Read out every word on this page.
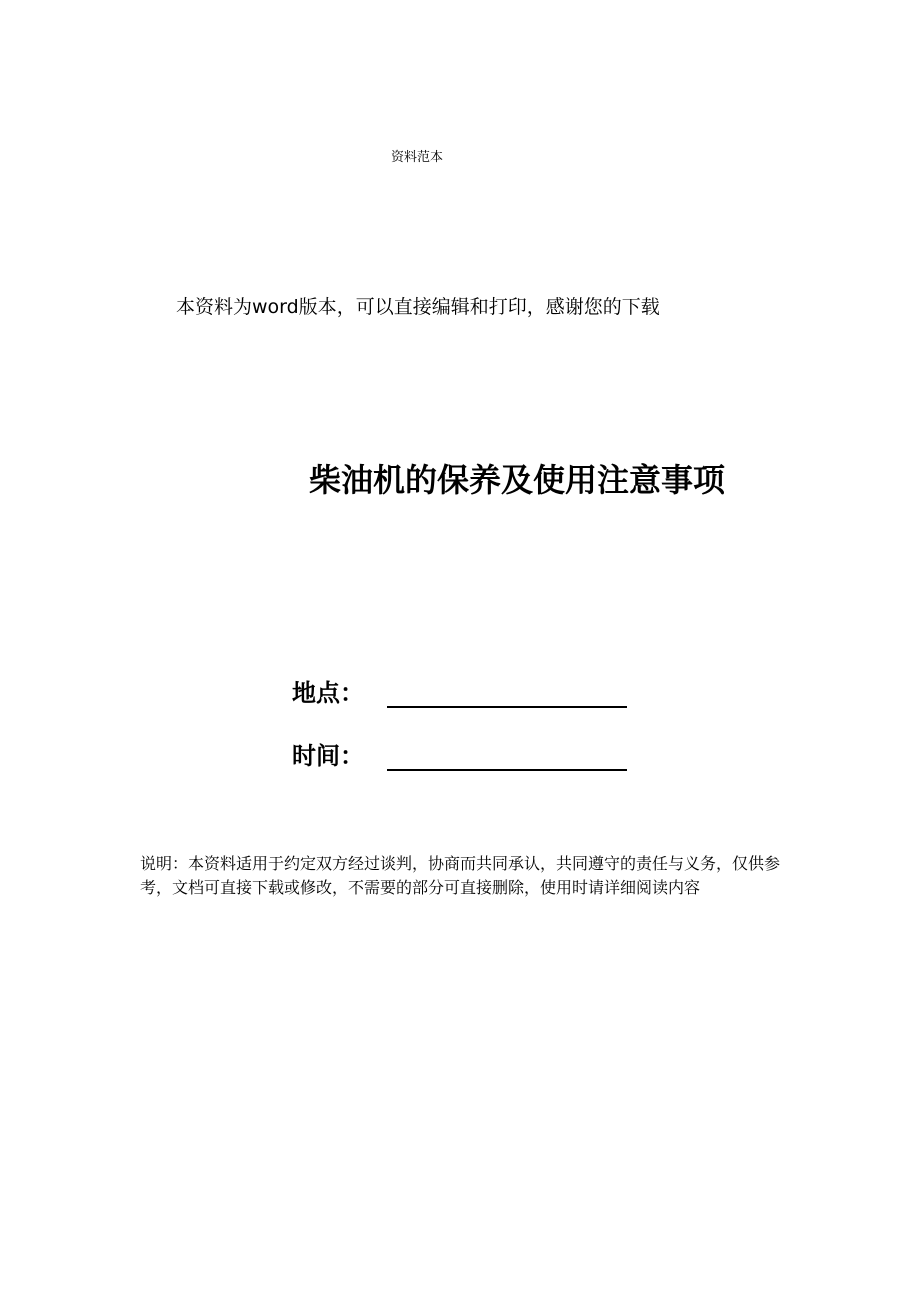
资料范本
本资料为word版本，可以直接编辑和打印，感谢您的下载
柴油机的保养及使用注意事项
地点：
时间：
说明：本资料适用于约定双方经过谈判，协商而共同承认，共同遵守的责任与义务，仅供参考，文档可直接下载或修改，不需要的部分可直接删除，使用时请详细阅读内容
